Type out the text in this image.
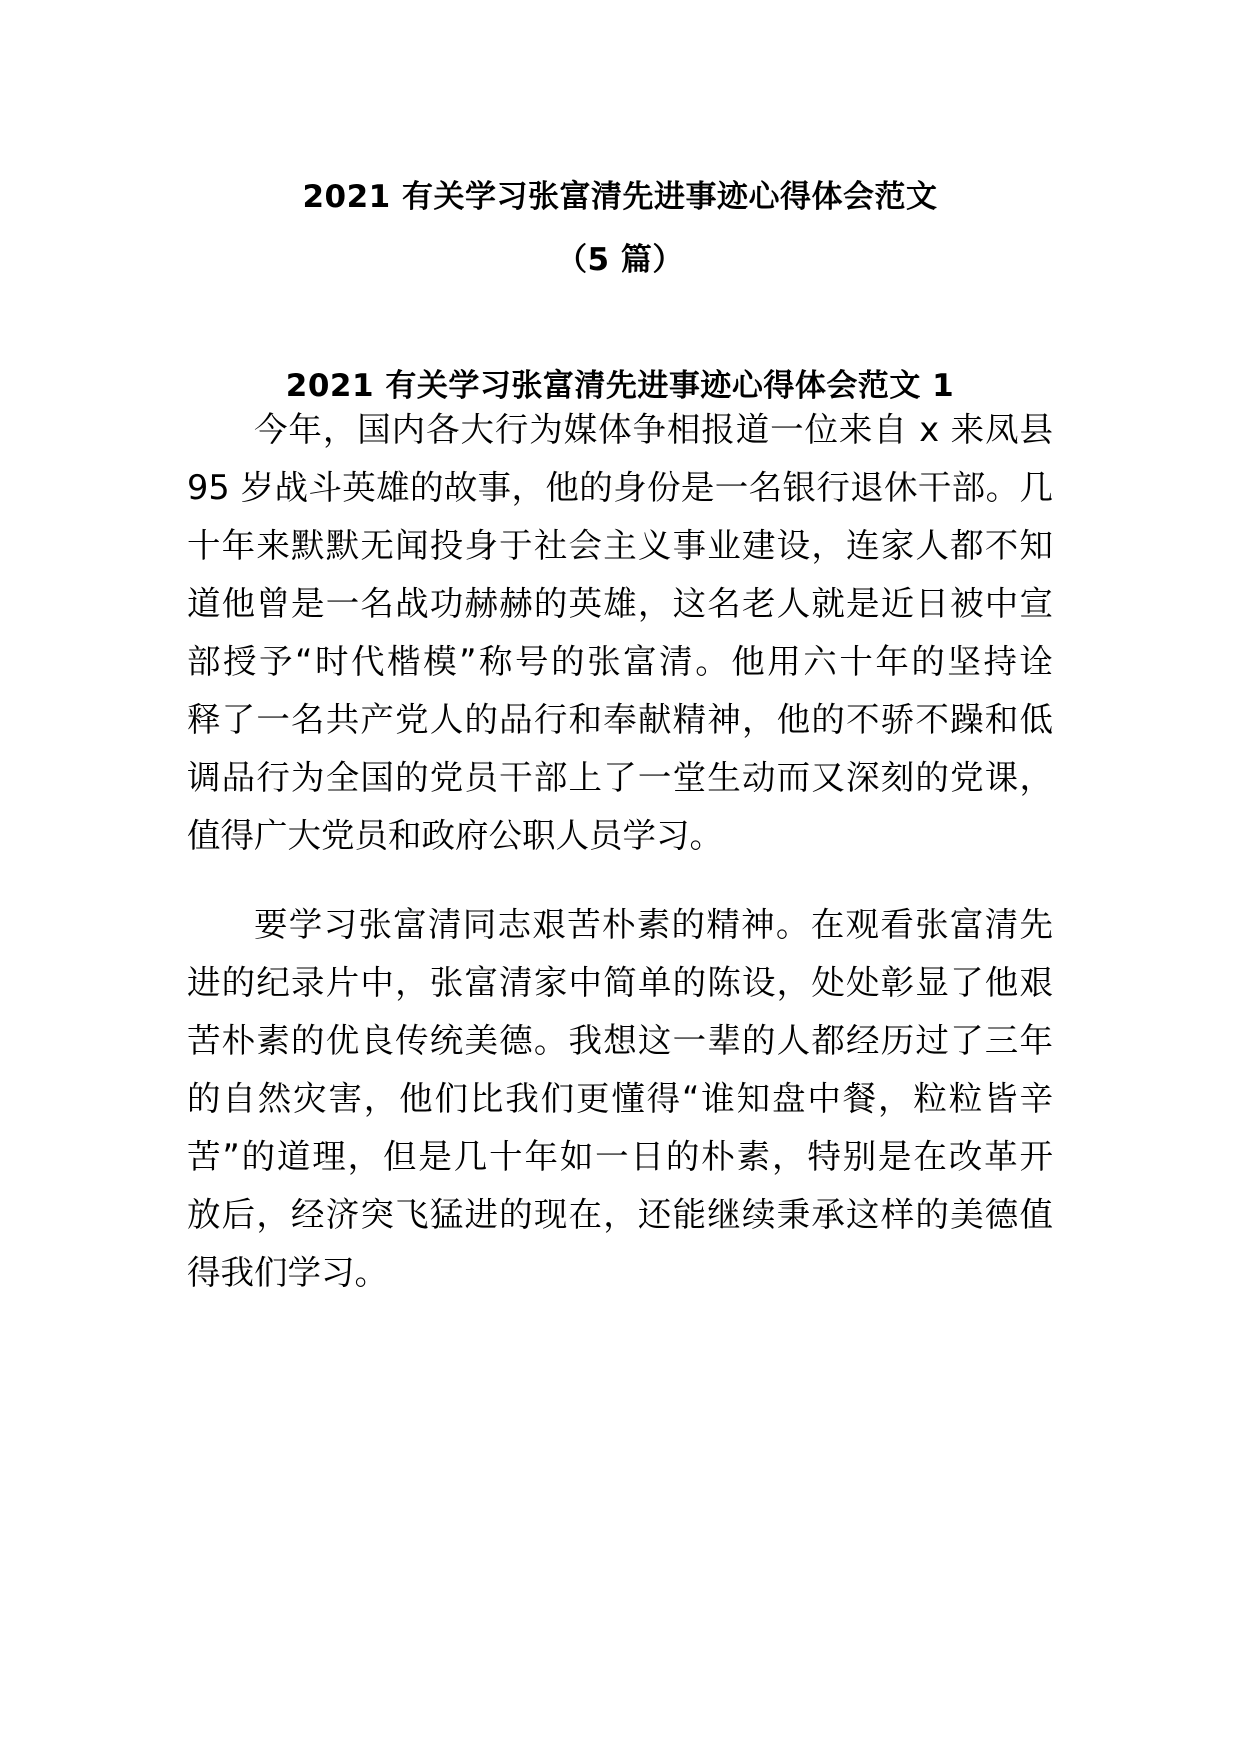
2021 有关学习张富清先进事迹心得体会范文
（5 篇）
2021 有关学习张富清先进事迹心得体会范文 1
今年，国内各大行为媒体争相报道一位来自 x 来凤县
95 岁战斗英雄的故事，他的身份是一名银行退休干部。几
十年来默默无闻投身于社会主义事业建设，连家人都不知
道他曾是一名战功赫赫的英雄，这名老人就是近日被中宣
部授予“时代楷模”称号的张富清。他用六十年的坚持诠
释了一名共产党人的品行和奉献精神，他的不骄不躁和低
调品行为全国的党员干部上了一堂生动而又深刻的党课，
值得广大党员和政府公职人员学习。
要学习张富清同志艰苦朴素的精神。在观看张富清先
进的纪录片中，张富清家中简单的陈设，处处彰显了他艰
苦朴素的优良传统美德。我想这一辈的人都经历过了三年
的自然灾害，他们比我们更懂得“谁知盘中餐，粒粒皆辛
苦”的道理，但是几十年如一日的朴素，特别是在改革开
放后，经济突飞猛进的现在，还能继续秉承这样的美德值
得我们学习。
